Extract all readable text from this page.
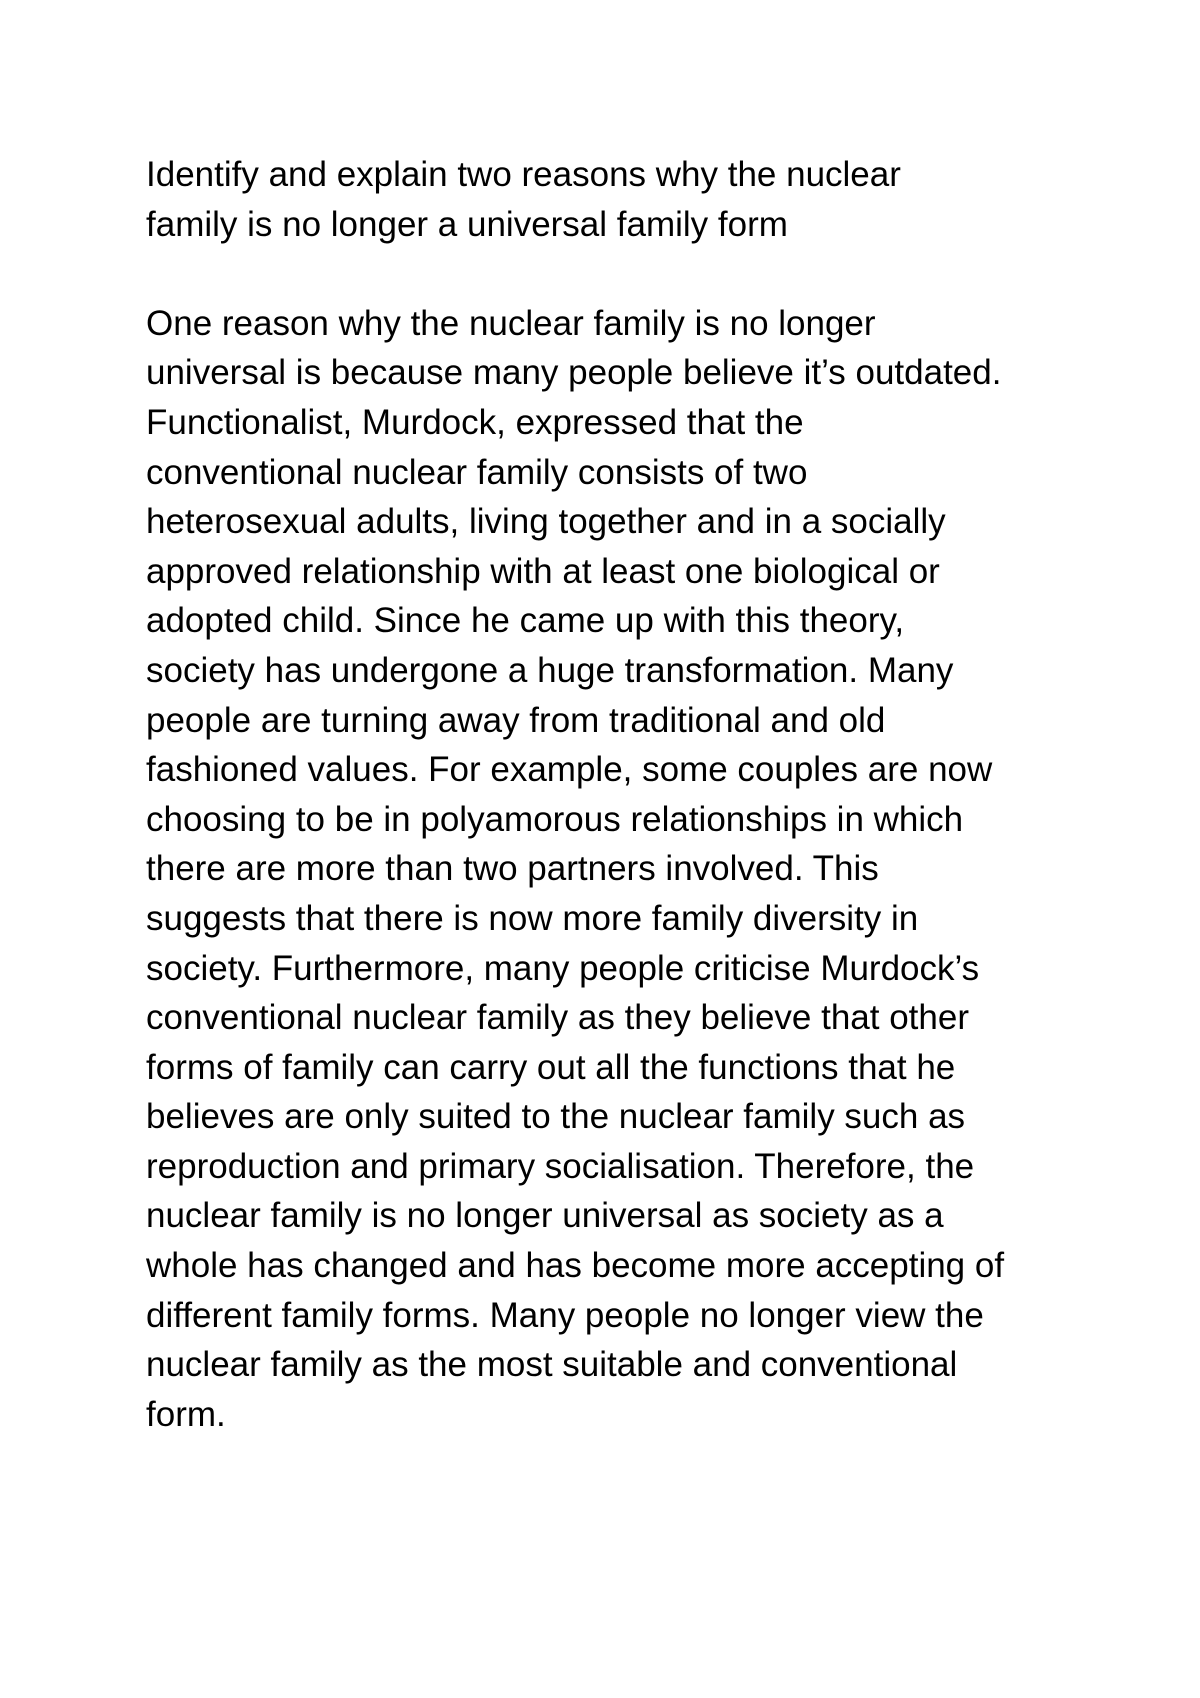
Identify and explain two reasons why the nuclear
family is no longer a universal family form
One reason why the nuclear family is no longer
universal is because many people believe it’s outdated.
Functionalist, Murdock, expressed that the
conventional nuclear family consists of two
heterosexual adults, living together and in a socially
approved relationship with at least one biological or
adopted child. Since he came up with this theory,
society has undergone a huge transformation. Many
people are turning away from traditional and old
fashioned values. For example, some couples are now
choosing to be in polyamorous relationships in which
there are more than two partners involved. This
suggests that there is now more family diversity in
society. Furthermore, many people criticise Murdock’s
conventional nuclear family as they believe that other
forms of family can carry out all the functions that he
believes are only suited to the nuclear family such as
reproduction and primary socialisation. Therefore, the
nuclear family is no longer universal as society as a
whole has changed and has become more accepting of
different family forms. Many people no longer view the
nuclear family as the most suitable and conventional
form.
